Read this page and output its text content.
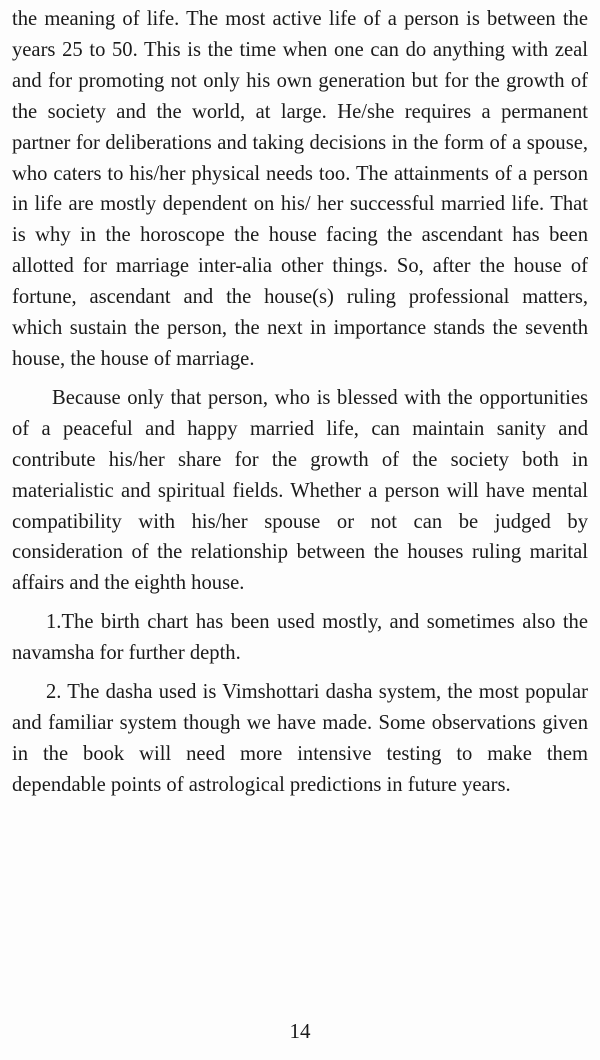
the meaning of life. The most active life of a person is between the years 25 to 50. This is the time when one can do anything with zeal and for promoting not only his own generation but for the growth of the society and the world, at large. He/she requires a permanent partner for deliberations and taking decisions in the form of a spouse, who caters to his/her physical needs too. The attainments of a person in life are mostly dependent on his/ her successful married life. That is why in the horoscope the house facing the ascendant has been allotted for marriage inter-alia other things. So, after the house of fortune, ascendant and the house(s) ruling professional matters, which sustain the person, the next in importance stands the seventh house, the house of marriage.

Because only that person, who is blessed with the opportunities of a peaceful and happy married life, can maintain sanity and contribute his/her share for the growth of the society both in materialistic and spiritual fields. Whether a person will have mental compatibility with his/her spouse or not can be judged by consideration of the relationship between the houses ruling marital affairs and the eighth house.

1.The birth chart has been used mostly, and sometimes also the navamsha for further depth.

2. The dasha used is Vimshottari dasha system, the most popular and familiar system though we have made. Some observations given in the book will need more intensive testing to make them dependable points of astrological predictions in future years.

14
